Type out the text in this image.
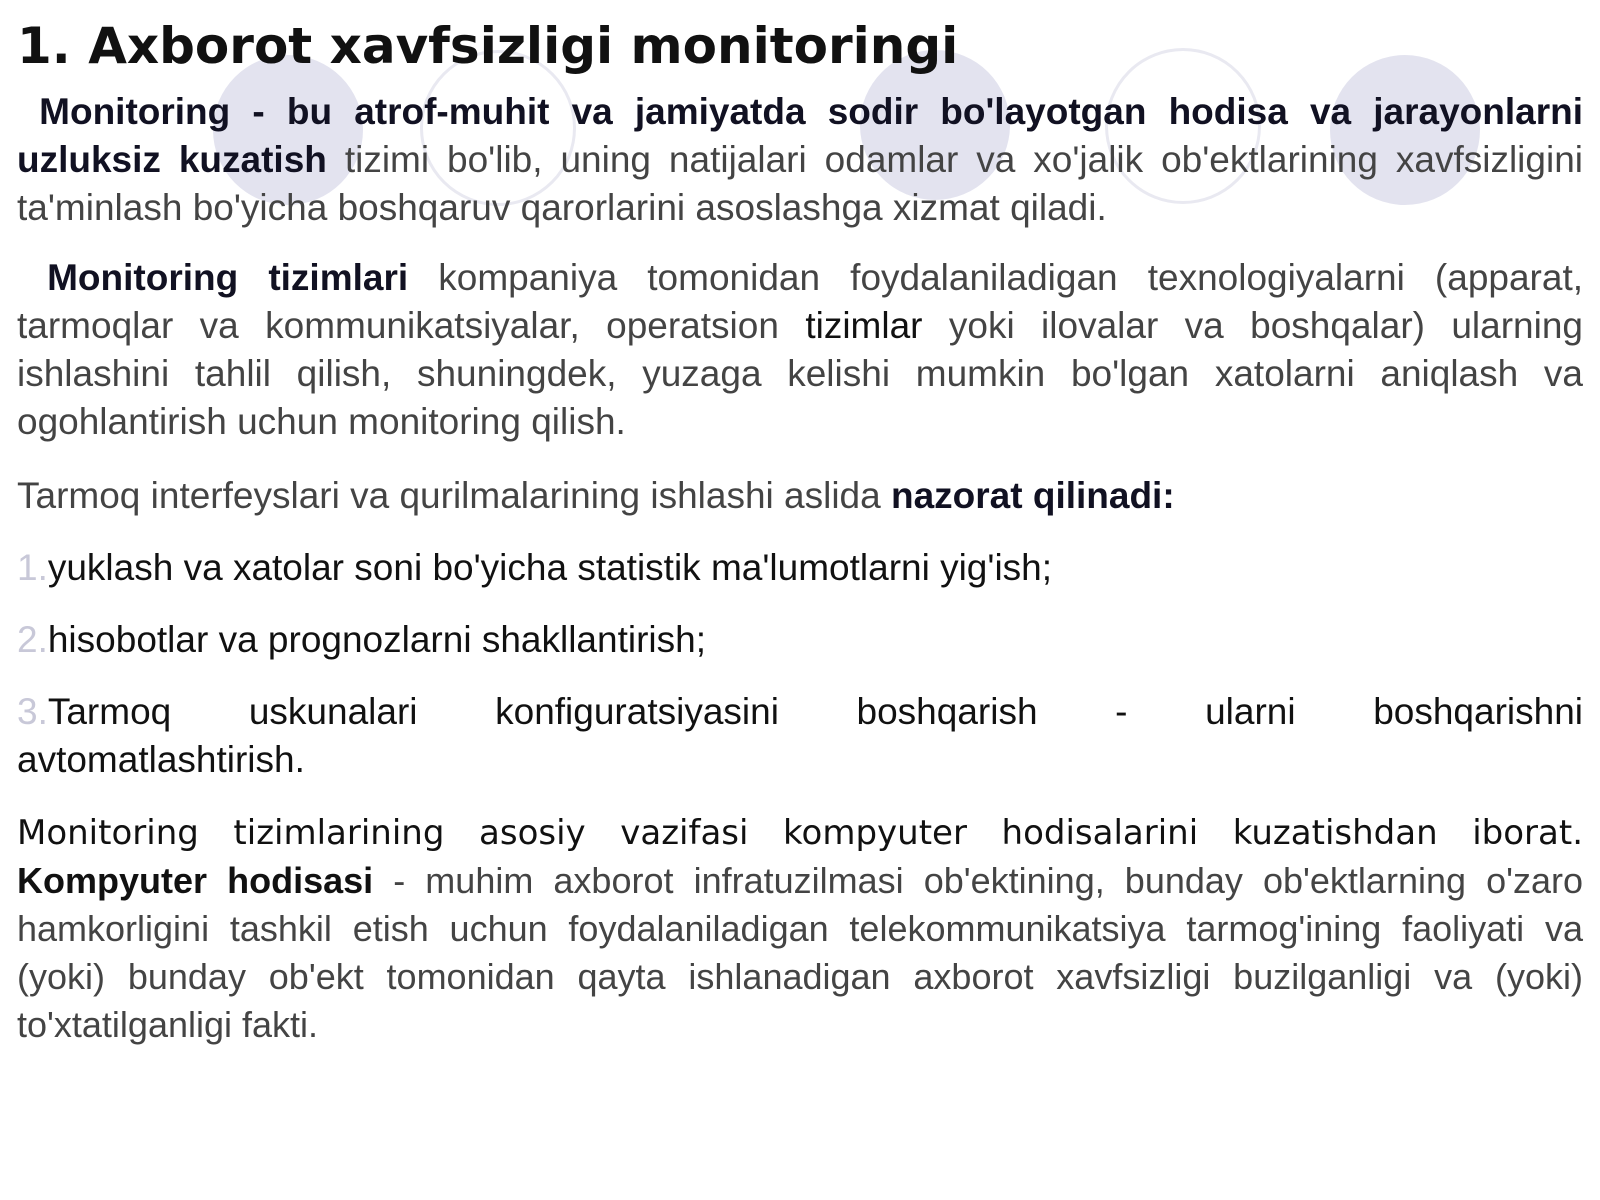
1. Axborot xavfsizligi monitoringi

Monitoring - bu atrof-muhit va jamiyatda sodir bo'layotgan hodisa va jarayonlarni uzluksiz kuzatish tizimi bo'lib, uning natijalari odamlar va xo'jalik ob'ektlarining xavfsizligini ta'minlash bo'yicha boshqaruv qarorlarini asoslashga xizmat qiladi.

Monitoring tizimlari kompaniya tomonidan foydalaniladigan texnologiyalarni (apparat, tarmoqlar va kommunikatsiyalar, operatsion tizimlar yoki ilovalar va boshqalar) ularning ishlashini tahlil qilish, shuningdek, yuzaga kelishi mumkin bo'lgan xatolarni aniqlash va ogohlantirish uchun monitoring qilish.

Tarmoq interfeyslari va qurilmalarining ishlashi aslida nazorat qilinadi:

1.yuklash va xatolar soni bo'yicha statistik ma'lumotlarni yig'ish;
2.hisobotlar va prognozlarni shakllantirish;
3.Tarmoq uskunalari konfiguratsiyasini boshqarish - ularni boshqarishni
avtomatlashtirish.

Monitoring tizimlarining asosiy vazifasi kompyuter hodisalarini kuzatishdan iborat. Kompyuter hodisasi - muhim axborot infratuzilmasi ob'ektining, bunday ob'ektlarning o'zaro hamkorligini tashkil etish uchun foydalaniladigan telekommunikatsiya tarmog'ining faoliyati va (yoki) bunday ob'ekt tomonidan qayta ishlanadigan axborot xavfsizligi buzilganligi va (yoki) to'xtatilganligi fakti.
